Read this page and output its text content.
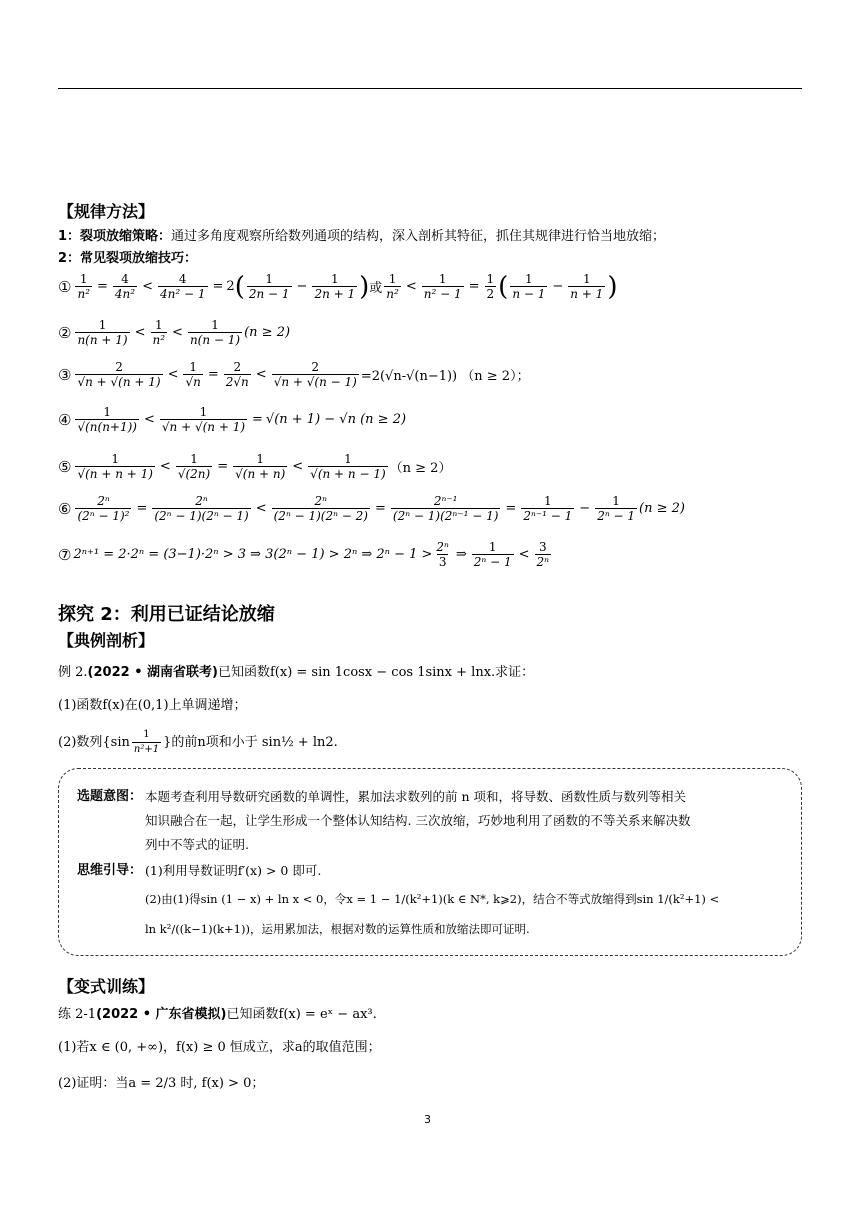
【规律方法】
1：裂项放缩策略：通过多角度观察所给数列通项的结构，深入剖析其特征，抓住其规律进行恰当地放缩；
2：常见裂项放缩技巧：
① $\frac{1}{\text{n²}} = \frac{4}{\text{4n²}} < \frac{4}{\text{4n² − 1}} = 2$ ( $\frac{1}{2n - 1} - \frac{1}{2n + 1}$ ) 或 $\frac{1}{\text{n²}} < \frac{1}{\text{n² − 1}} = \frac{1}{2}$ ( $\frac{1}{n - 1} - \frac{1}{n + 1}$ )
② $\frac{1}{n(n + 1)} < \frac{1}{\text{n²}} < \frac{1}{n(n - 1)} (n \ge 2)$
③ $\frac{2}{√n + √(n + 1)} < \frac{1}{√n} = \frac{2}{2√n} < \frac{2}{√n + √(n - 1)} =2(√n-√(n-1)) (n \ge 2)$；
④ $\frac{1}{√(n(n+1))} < \frac{1}{√n + √(n + 1)} = √(n + 1) - √n$ (n ≥ 2)
⑤ $\frac{1}{√(n + n + 1)} < \frac{1}{√(2n)} = \frac{1}{√(n + n)} < \frac{1}{√(n + n - 1)} (n \ge 2)$
⑥ $\frac{\text{2ⁿ}}{\text{(2ⁿ − 1)²}} = \frac{\text{2ⁿ}}{\text{(2ⁿ − 1)(2ⁿ − 1)}} < \frac{\text{2ⁿ}}{\text{(2ⁿ − 1)(2ⁿ − 2)}} = \frac{\text{2ⁿ⁻¹}}{\text{(2ⁿ − 1)(2ⁿ⁻¹ − 1)}} = \frac{1}{\text{2ⁿ⁻¹ − 1}} - \frac{1}{\text{2ⁿ − 1}} (n \ge 2)$
⑦ 2ⁿ⁺¹ = 2·2ⁿ = (3−1)·2ⁿ > 3 ⇒ 3(2ⁿ − 1) > 2ⁿ ⇒ $2^n - 1 > \frac{\text{2ⁿ}}{3}$ ⇒ $\frac{1}{\text{2ⁿ − 1}} < \frac{3}{\text{2ⁿ}}$
探究 2：利用已证结论放缩
【典例剖析】
例 2.(2022 • 湖南省联考)已知函数f(x) = sin 1cosx − cos 1sinx + lnx.求证：
(1)函数f(x)在(0,1)上单调递增；
(2)数列{$\sin \frac{1}{\text{n²+1}}$ }的前n项和小于 sin½ + ln2.
选题意图： 本题考查利用导数研究函数的单调性，累加法求数列的前 n 项和，将导数、函数性质与数列等相关
知识融合在一起，让学生形成一个整体认知结构. 三次放缩，巧妙地利用了函数的不等关系来解决数
列中不等式的证明.
思维引导： (1)利用导数证明f′(x) > 0 即可.
(2)由(1)得sin (1 − x) + ln x < 0，令x = 1 − 1/(k²+1)(k ∈ N*, k⩾2)，结合不等式放缩得到sin 1/(k²+1) <
ln k²/((k−1)(k+1))，运用累加法，根据对数的运算性质和放缩法即可证明.
【变式训练】
练 2-1(2022 • 广东省模拟)已知函数f(x) = eˣ − ax³.
(1)若x ∈ (0, +∞)，f(x) ≥ 0 恒成立，求a的取值范围；
(2)证明：当a = 2/3 时, f(x) > 0；
3
